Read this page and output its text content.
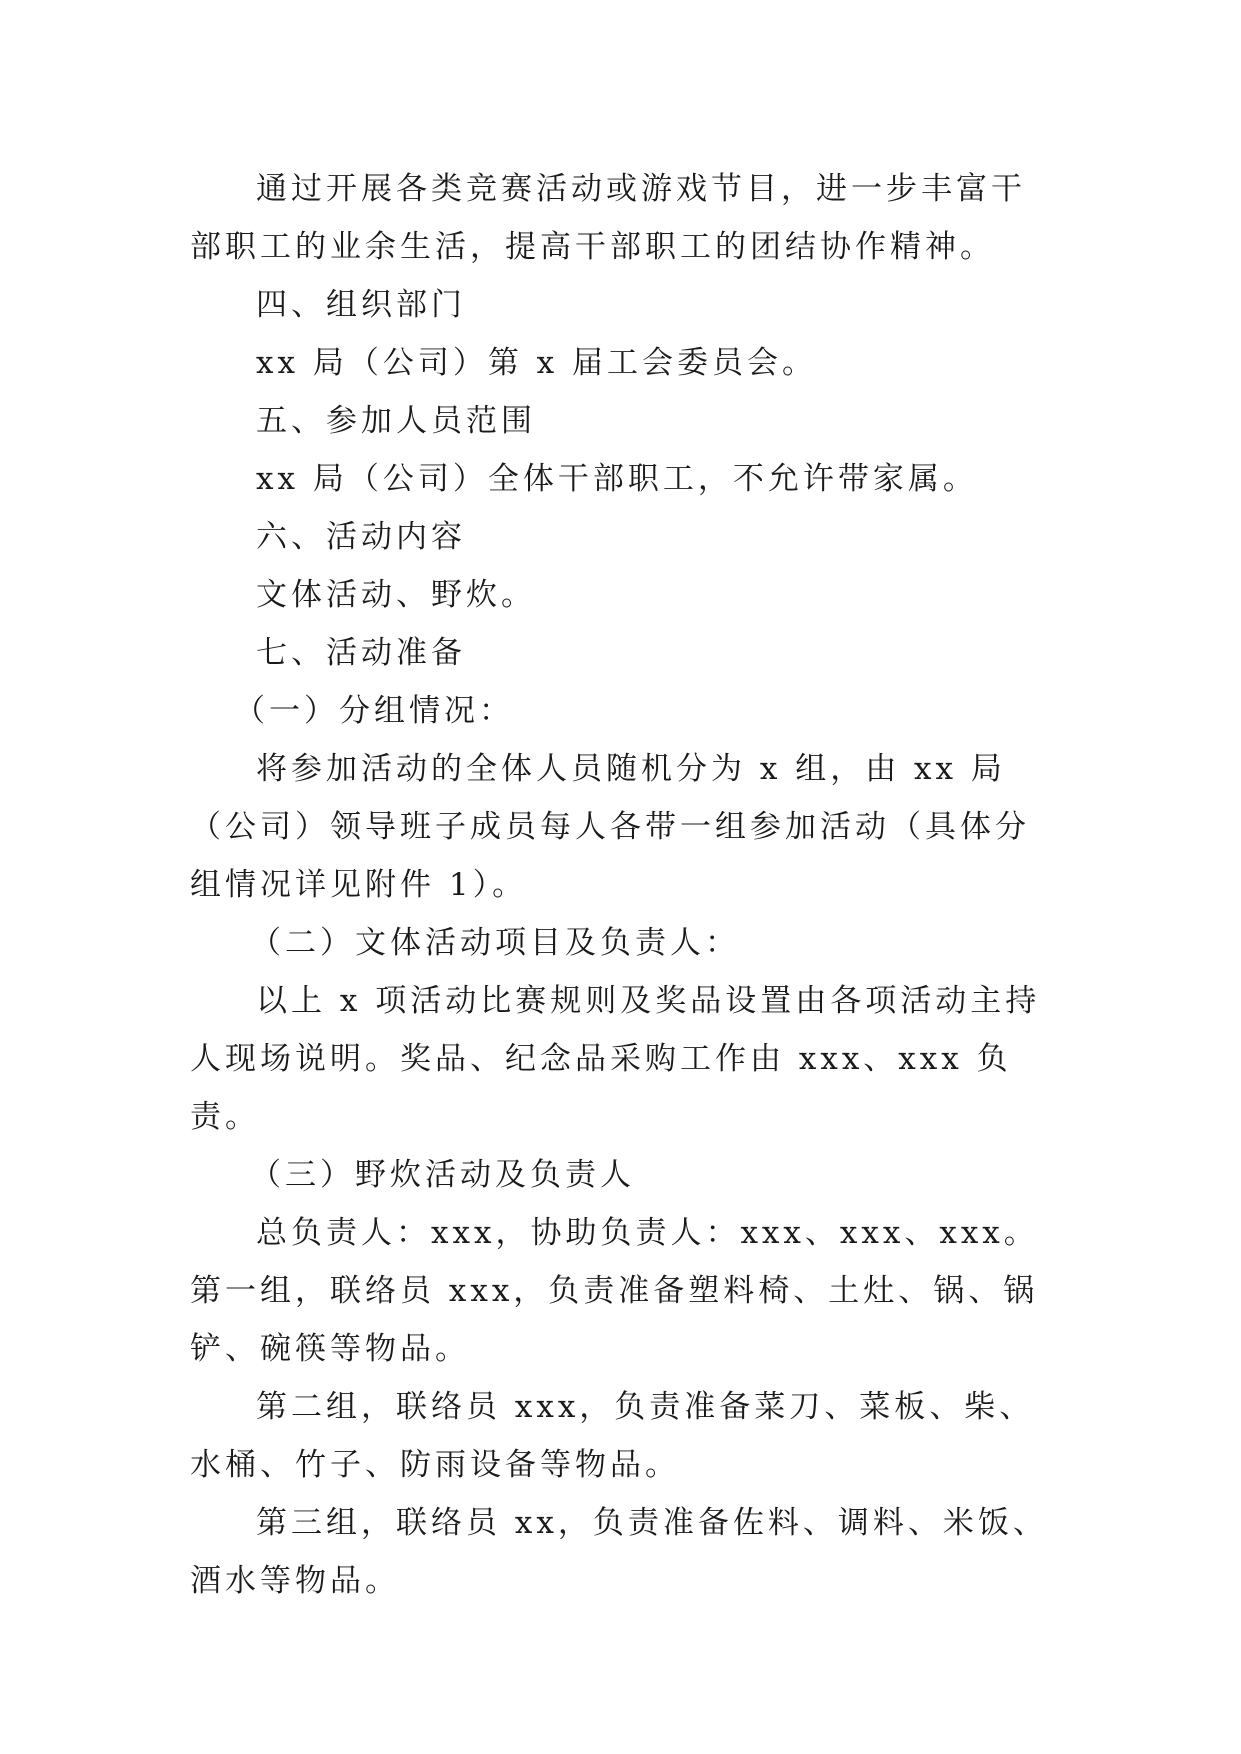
通过开展各类竞赛活动或游戏节目，进一步丰富干部职工的业余生活，提高干部职工的团结协作精神。

四、组织部门

xx 局（公司）第 x 届工会委员会。

五、参加人员范围

xx 局（公司）全体干部职工，不允许带家属。

六、活动内容

文体活动、野炊。

七、活动准备

（一）分组情况：

将参加活动的全体人员随机分为 x 组，由 xx 局（公司）领导班子成员每人各带一组参加活动（具体分组情况详见附件 1）。

（二）文体活动项目及负责人：

以上 x 项活动比赛规则及奖品设置由各项活动主持人现场说明。奖品、纪念品采购工作由 xxx、xxx 负责。

（三）野炊活动及负责人

总负责人：xxx，协助负责人：xxx、xxx、xxx。第一组，联络员 xxx，负责准备塑料椅、土灶、锅、锅铲、碗筷等物品。

第二组，联络员 xxx，负责准备菜刀、菜板、柴、水桶、竹子、防雨设备等物品。

第三组，联络员 xx，负责准备佐料、调料、米饭、酒水等物品。
